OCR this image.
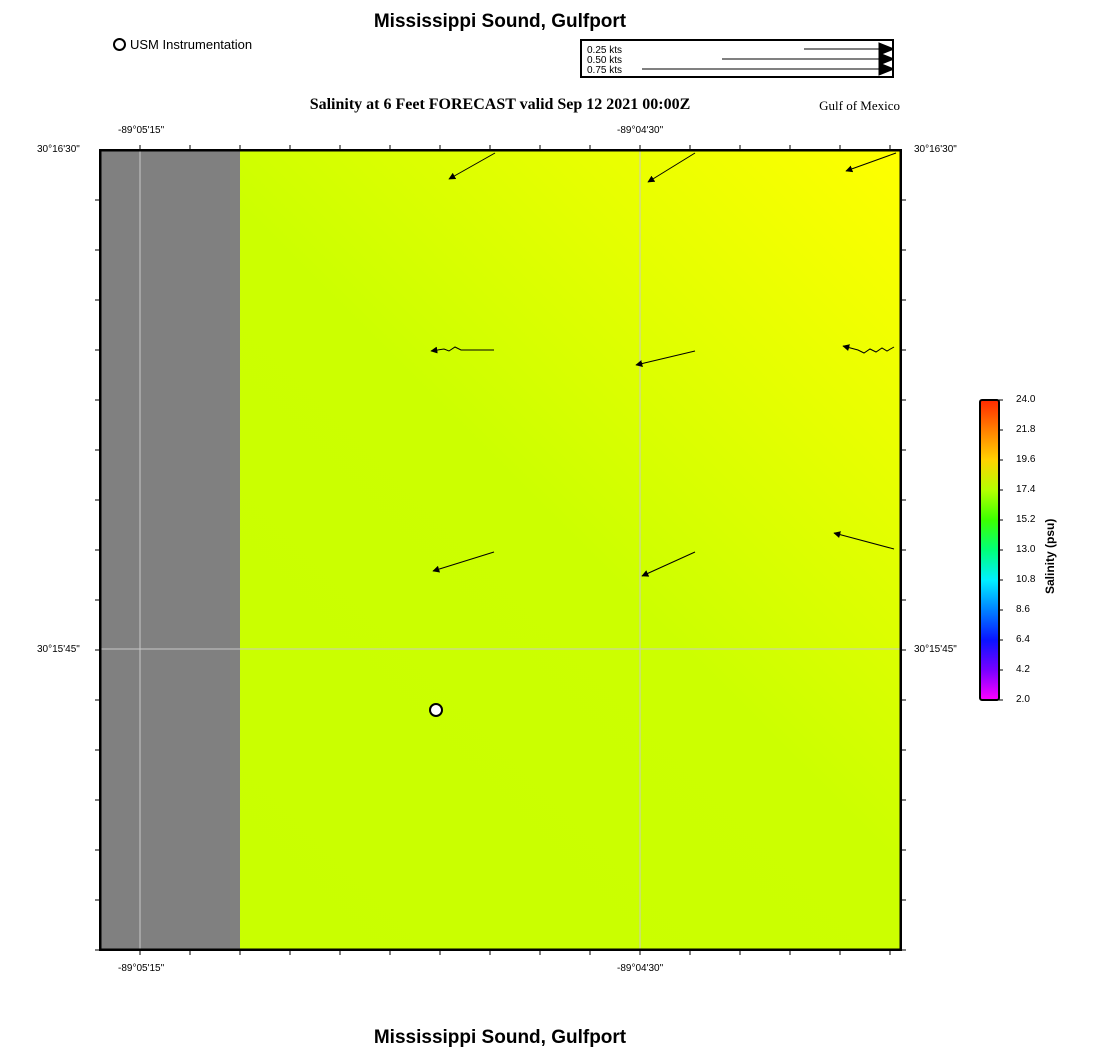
Mississippi Sound, Gulfport
USM Instrumentation	0.25 kts
0.50 kts
0.75 kts
Salinity at 6 Feet FORECAST valid Sep 12 2021 00:00Z	Gulf of Mexico
-89°05'15"	-89°04'30"
-89°05'15"	-89°04'30"
30°16'30"
30°15'45"
30°16'30"
30°15'45"
24.0
21.8
19.6
17.4
15.2
13.0
10.8
8.6
6.4
4.2
2.0
Salinity (psu)
Mississippi Sound, Gulfport
